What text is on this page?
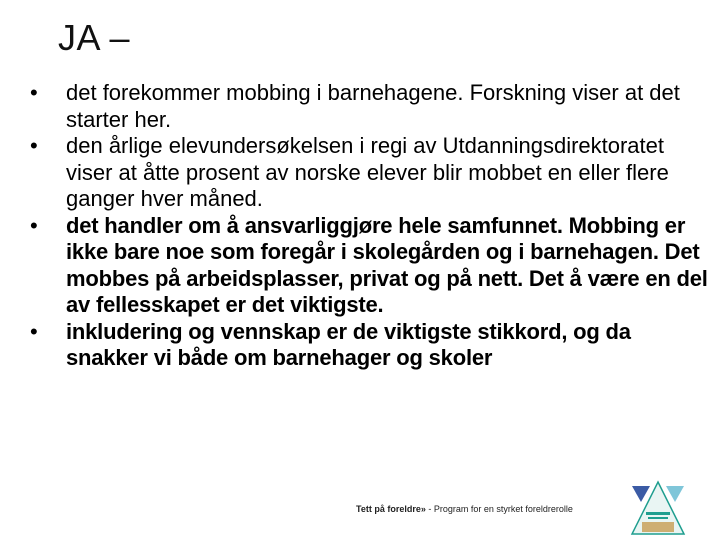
JA –
• det forekommer mobbing i barnehagene. Forskning viser at det starter her.
• den årlige elevundersøkelsen i regi av Utdanningsdirektoratet viser at åtte prosent av norske elever blir mobbet en eller flere ganger hver måned.
• det handler om å ansvarliggjøre hele samfunnet. Mobbing er ikke bare noe som foregår i skolegården og i barnehagen. Det mobbes på arbeidsplasser, privat og på nett. Det å være en del av fellesskapet er det viktigste.
• inkludering og vennskap er de viktigste stikkord, og da snakker vi både om barnehager og skoler
Tett på foreldre» - Program for en styrket foreldrerolle
